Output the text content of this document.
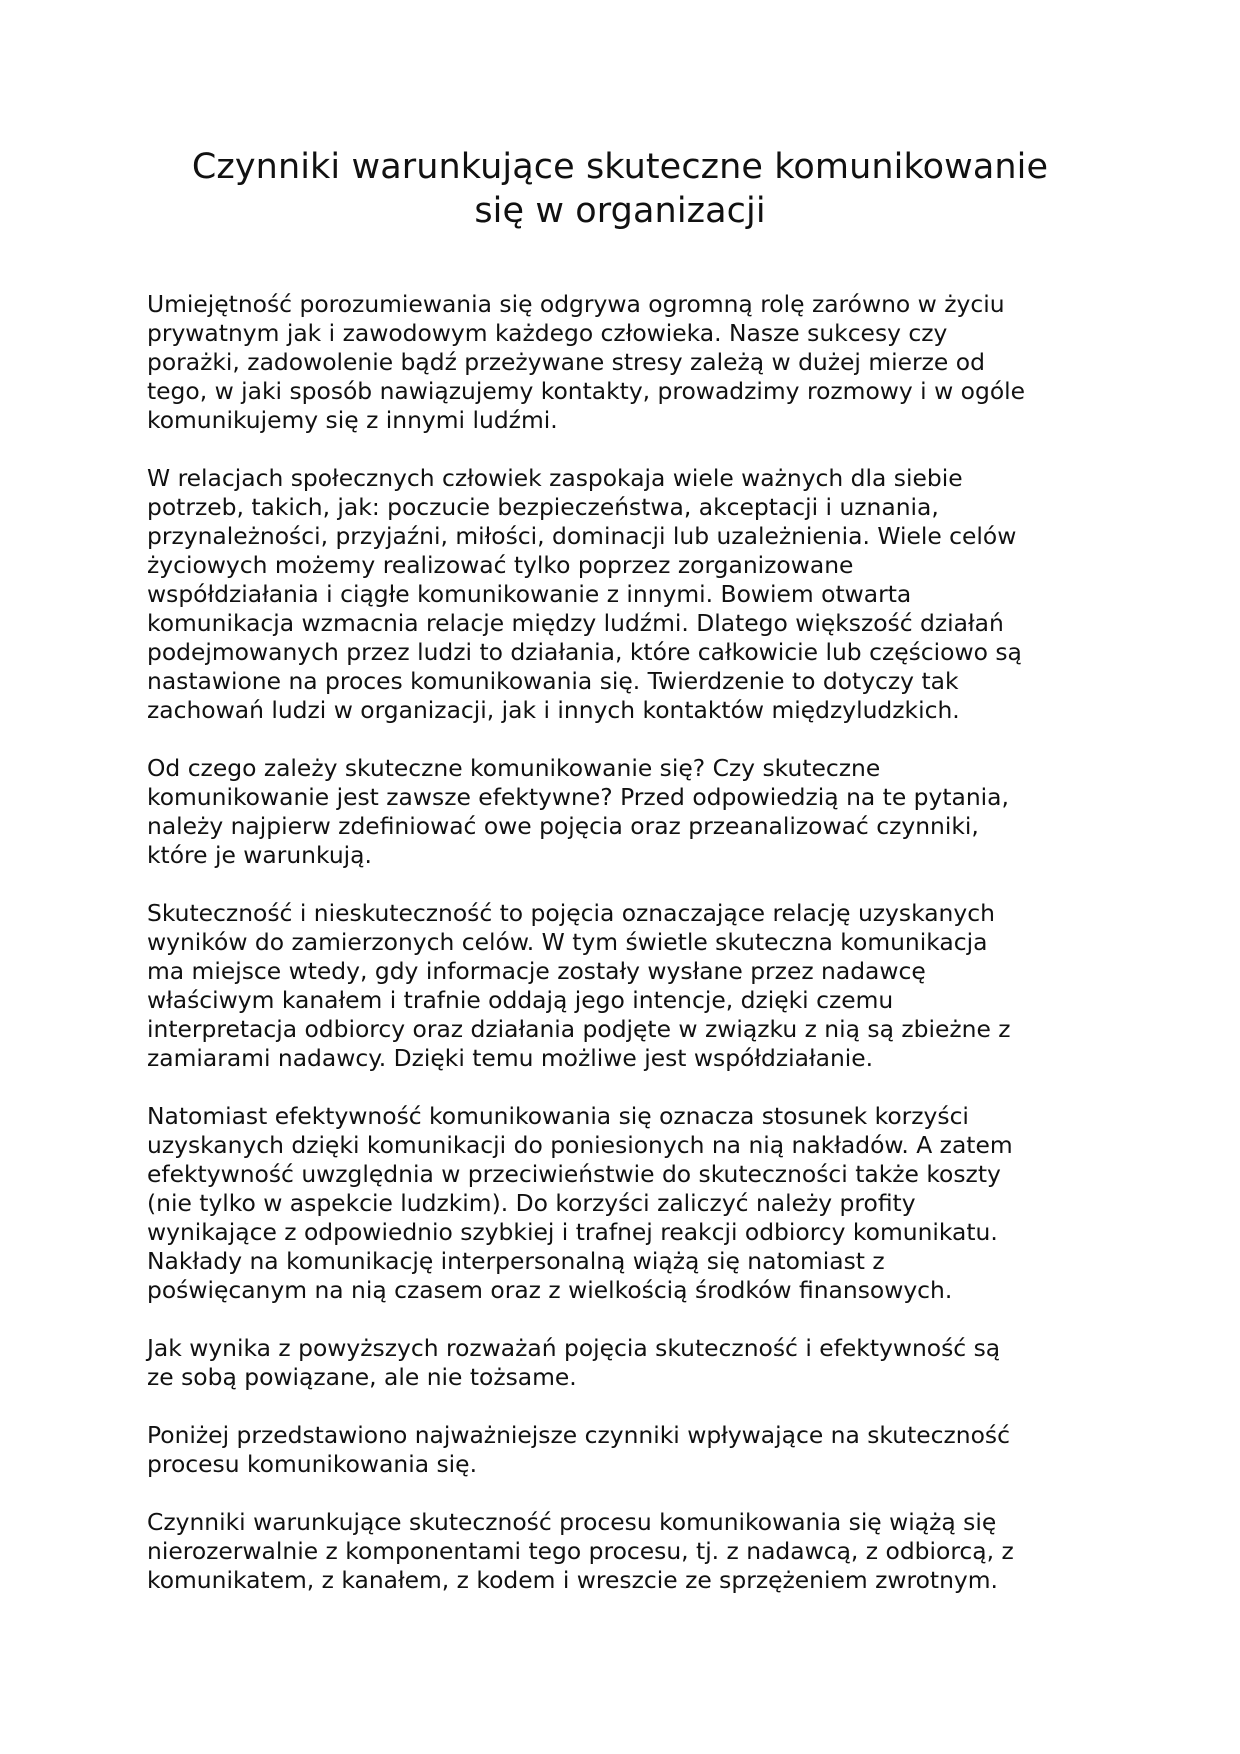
Czynniki warunkujące skuteczne komunikowanie
się w organizacji

Umiejętność porozumiewania się odgrywa ogromną rolę zarówno w życiu
prywatnym jak i zawodowym każdego człowieka. Nasze sukcesy czy
porażki, zadowolenie bądź przeżywane stresy zależą w dużej mierze od
tego, w jaki sposób nawiązujemy kontakty, prowadzimy rozmowy i w ogóle
komunikujemy się z innymi ludźmi.

W relacjach społecznych człowiek zaspokaja wiele ważnych dla siebie
potrzeb, takich, jak: poczucie bezpieczeństwa, akceptacji i uznania,
przynależności, przyjaźni, miłości, dominacji lub uzależnienia. Wiele celów
życiowych możemy realizować tylko poprzez zorganizowane
współdziałania i ciągłe komunikowanie z innymi. Bowiem otwarta
komunikacja wzmacnia relacje między ludźmi. Dlatego większość działań
podejmowanych przez ludzi to działania, które całkowicie lub częściowo są
nastawione na proces komunikowania się. Twierdzenie to dotyczy tak
zachowań ludzi w organizacji, jak i innych kontaktów międzyludzkich.

Od czego zależy skuteczne komunikowanie się? Czy skuteczne
komunikowanie jest zawsze efektywne? Przed odpowiedzią na te pytania,
należy najpierw zdefiniować owe pojęcia oraz przeanalizować czynniki,
które je warunkują.

Skuteczność i nieskuteczność to pojęcia oznaczające relację uzyskanych
wyników do zamierzonych celów. W tym świetle skuteczna komunikacja
ma miejsce wtedy, gdy informacje zostały wysłane przez nadawcę
właściwym kanałem i trafnie oddają jego intencje, dzięki czemu
interpretacja odbiorcy oraz działania podjęte w związku z nią są zbieżne z
zamiarami nadawcy. Dzięki temu możliwe jest współdziałanie.

Natomiast efektywność komunikowania się oznacza stosunek korzyści
uzyskanych dzięki komunikacji do poniesionych na nią nakładów. A zatem
efektywność uwzględnia w przeciwieństwie do skuteczności także koszty
(nie tylko w aspekcie ludzkim). Do korzyści zaliczyć należy profity
wynikające z odpowiednio szybkiej i trafnej reakcji odbiorcy komunikatu.
Nakłady na komunikację interpersonalną wiążą się natomiast z
poświęcanym na nią czasem oraz z wielkością środków finansowych.

Jak wynika z powyższych rozważań pojęcia skuteczność i efektywność są
ze sobą powiązane, ale nie tożsame.

Poniżej przedstawiono najważniejsze czynniki wpływające na skuteczność
procesu komunikowania się.

Czynniki warunkujące skuteczność procesu komunikowania się wiążą się
nierozerwalnie z komponentami tego procesu, tj. z nadawcą, z odbiorcą, z
komunikatem, z kanałem, z kodem i wreszcie ze sprzężeniem zwrotnym.
